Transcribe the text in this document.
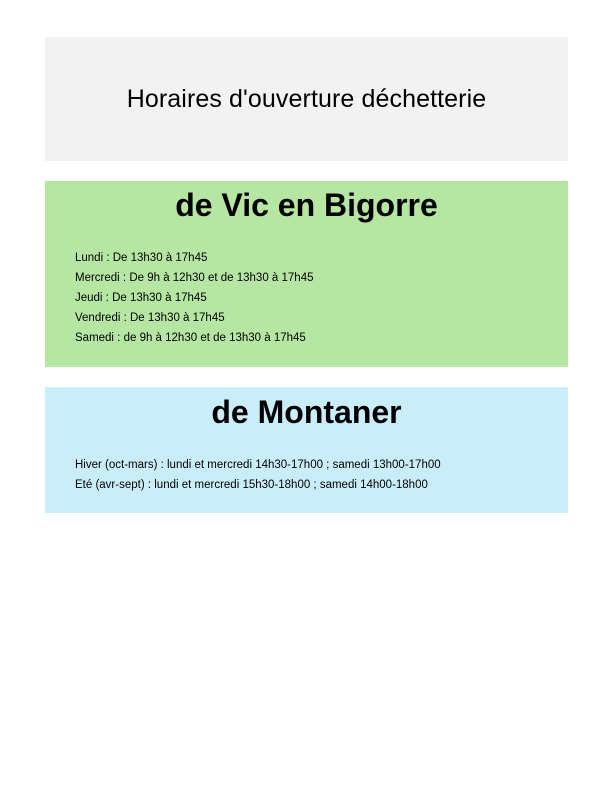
Horaires d'ouverture déchetterie
de Vic en Bigorre
Lundi : De 13h30 à 17h45
Mercredi : De 9h à 12h30 et de 13h30 à 17h45
Jeudi : De 13h30 à 17h45
Vendredi : De 13h30 à 17h45
Samedi : de 9h à 12h30 et de 13h30 à 17h45
de Montaner
Hiver (oct-mars) : lundi et mercredi 14h30-17h00 ; samedi 13h00-17h00
Eté (avr-sept) : lundi et mercredi 15h30-18h00 ; samedi 14h00-18h00
